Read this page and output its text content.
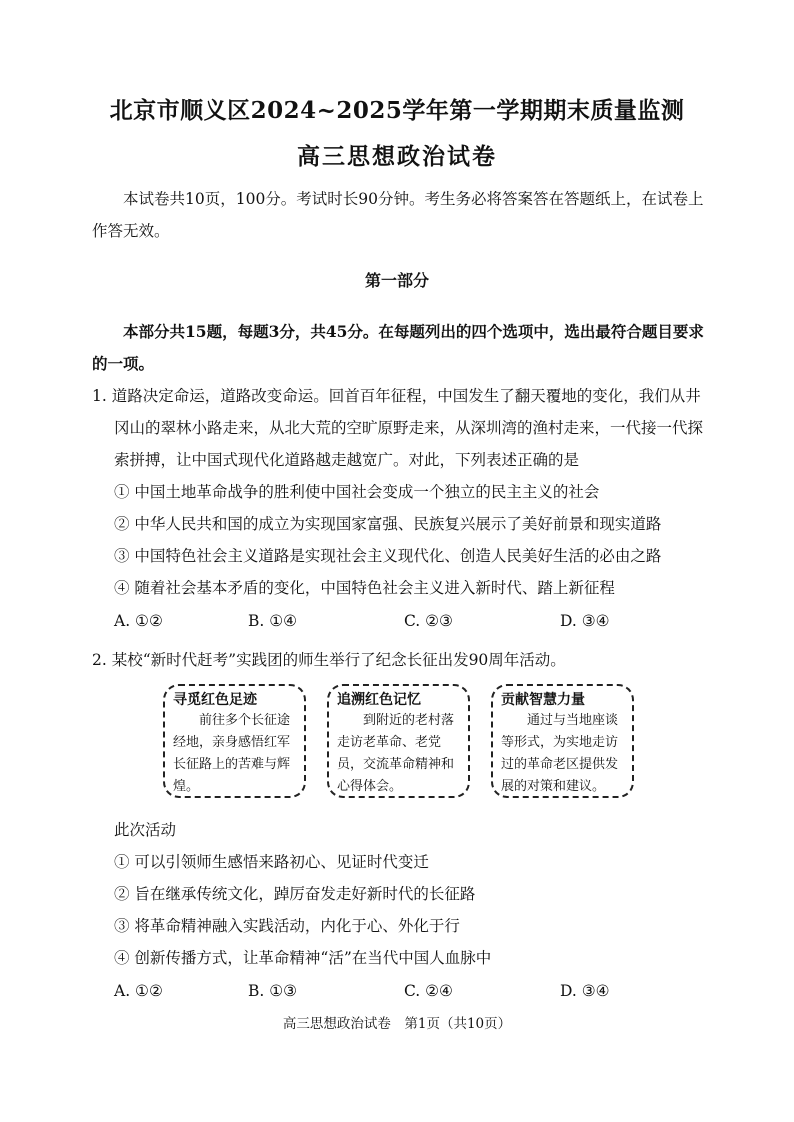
北京市顺义区2024~2025学年第一学期期末质量监测
高三思想政治试卷
本试卷共10页，100分。考试时长90分钟。考生务必将答案答在答题纸上，在试卷上作答无效。
第一部分
本部分共15题，每题3分，共45分。在每题列出的四个选项中，选出最符合题目要求的一项。
1. 道路决定命运，道路改变命运。回首百年征程，中国发生了翻天覆地的变化，我们从井冈山的翠林小路走来，从北大荒的空旷原野走来，从深圳湾的渔村走来，一代接一代探索拼搏，让中国式现代化道路越走越宽广。对此，下列表述正确的是
① 中国土地革命战争的胜利使中国社会变成一个独立的民主主义的社会
② 中华人民共和国的成立为实现国家富强、民族复兴展示了美好前景和现实道路
③ 中国特色社会主义道路是实现社会主义现代化、创造人民美好生活的必由之路
④ 随着社会基本矛盾的变化，中国特色社会主义进入新时代、踏上新征程
A. ①②	B. ①④	C. ②③	D. ③④
2. 某校“新时代赶考”实践团的师生举行了纪念长征出发90周年活动。
寻觅红色足迹
前往多个长征途经地，亲身感悟红军长征路上的苦难与辉煌。
追溯红色记忆
到附近的老村落走访老革命、老党员，交流革命精神和心得体会。
贡献智慧力量
通过与当地座谈等形式，为实地走访过的革命老区提供发展的对策和建议。
此次活动
① 可以引领师生感悟来路初心、见证时代变迁
② 旨在继承传统文化，踔厉奋发走好新时代的长征路
③ 将革命精神融入实践活动，内化于心、外化于行
④ 创新传播方式，让革命精神“活”在当代中国人血脉中
A. ①②	B. ①③	C. ②④	D. ③④
高三思想政治试卷　第1页（共10页）
